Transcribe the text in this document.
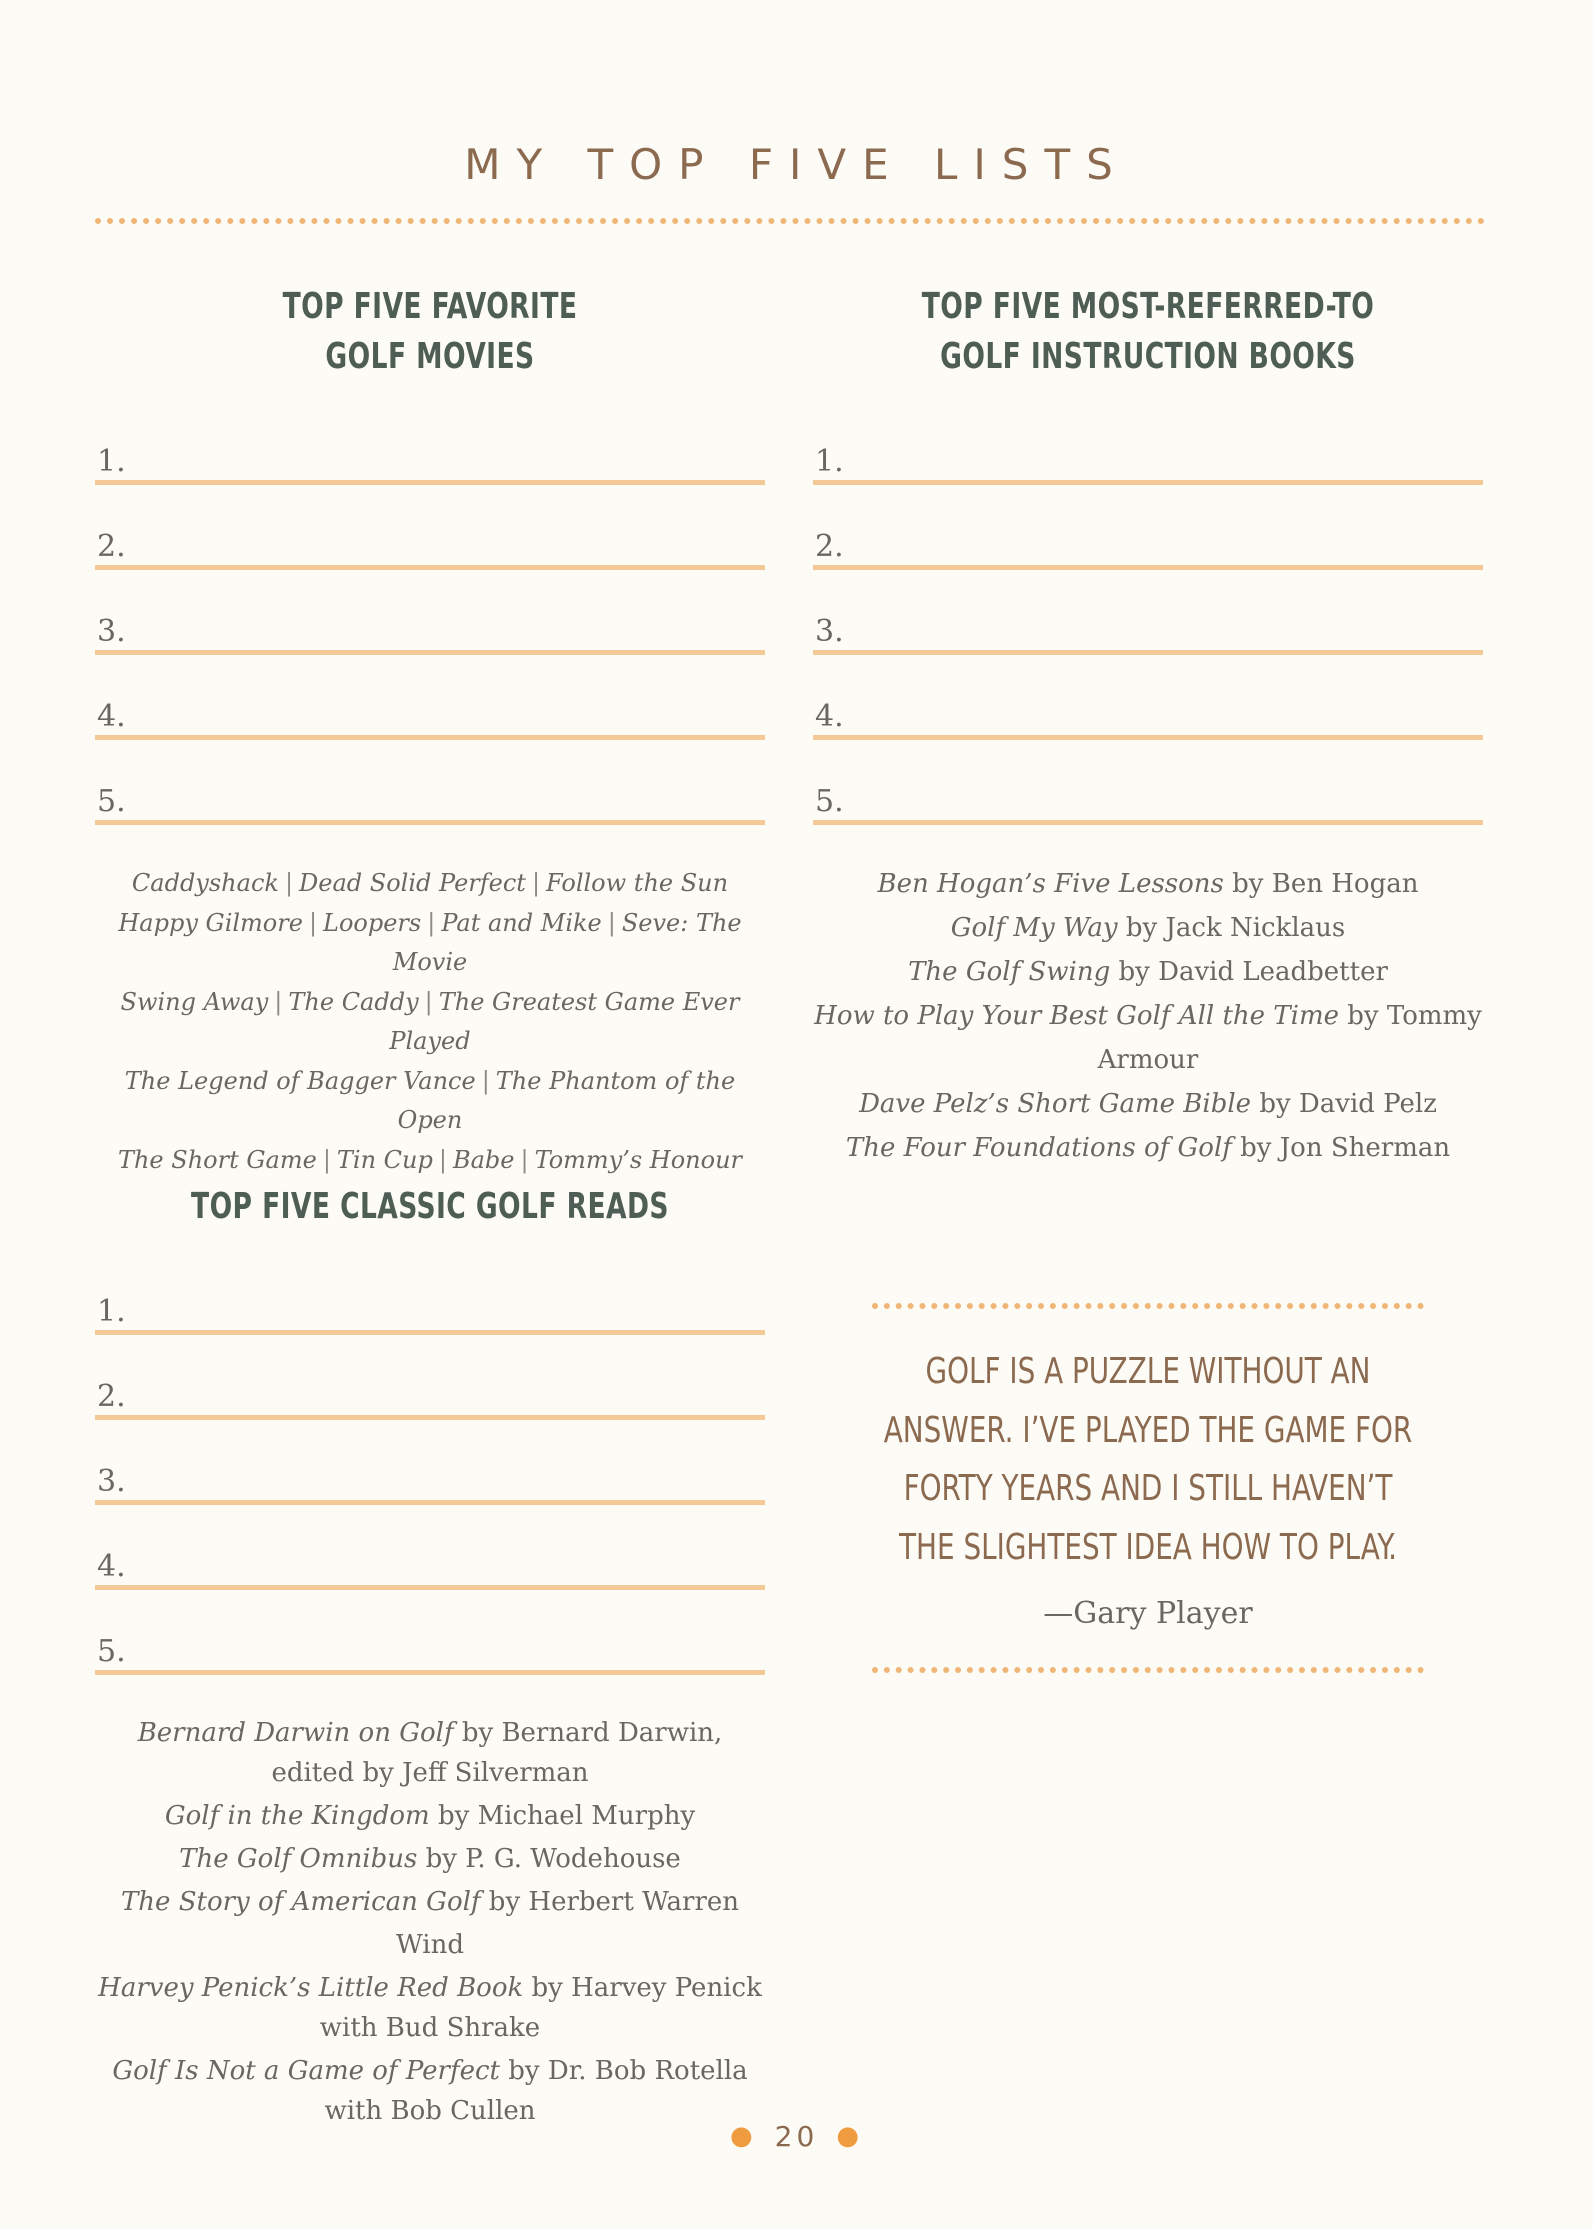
MY TOP FIVE LISTS
TOP FIVE FAVORITE
GOLF MOVIES
1.
2.
3.
4.
5.
Caddyshack | Dead Solid Perfect | Follow the Sun
Happy Gilmore | Loopers | Pat and Mike | Seve: The Movie
Swing Away | The Caddy | The Greatest Game Ever Played
The Legend of Bagger Vance | The Phantom of the Open
The Short Game | Tin Cup | Babe | Tommy’s Honour
TOP FIVE MOST-REFERRED-TO
GOLF INSTRUCTION BOOKS
1.
2.
3.
4.
5.
Ben Hogan’s Five Lessons by Ben Hogan
Golf My Way by Jack Nicklaus
The Golf Swing by David Leadbetter
How to Play Your Best Golf All the Time by Tommy Armour
Dave Pelz’s Short Game Bible by David Pelz
The Four Foundations of Golf by Jon Sherman
TOP FIVE CLASSIC GOLF READS
1.
2.
3.
4.
5.
Bernard Darwin on Golf by Bernard Darwin,
edited by Jeff Silverman
Golf in the Kingdom by Michael Murphy
The Golf Omnibus by P. G. Wodehouse
The Story of American Golf by Herbert Warren Wind
Harvey Penick’s Little Red Book by Harvey Penick
with Bud Shrake
Golf Is Not a Game of Perfect by Dr. Bob Rotella
with Bob Cullen
GOLF IS A PUZZLE WITHOUT AN
ANSWER. I’VE PLAYED THE GAME FOR
FORTY YEARS AND I STILL HAVEN’T
THE SLIGHTEST IDEA HOW TO PLAY.
—Gary Player
● 20 ●
